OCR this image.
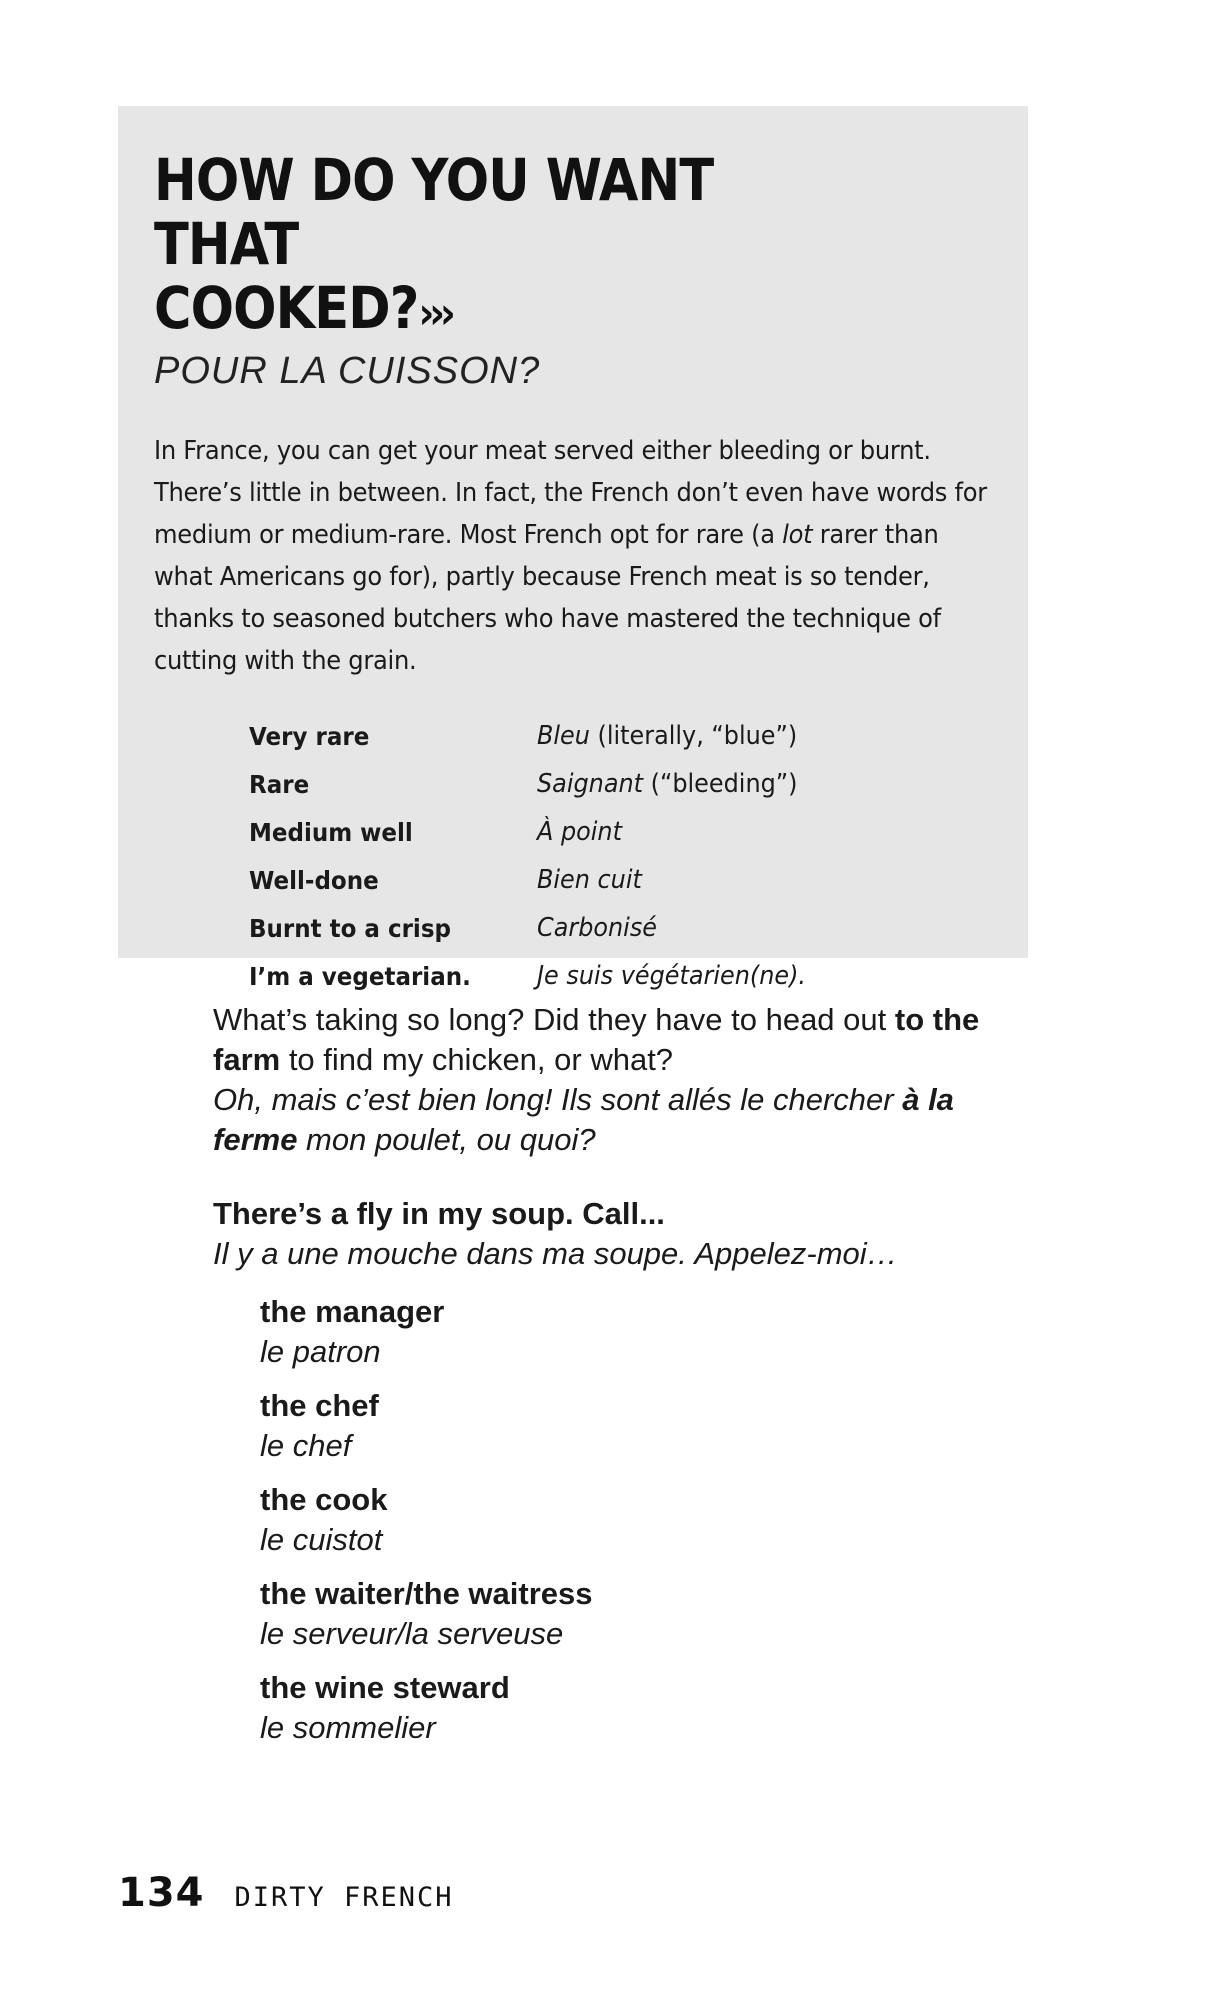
HOW DO YOU WANT THAT
COOKED?›››
POUR LA CUISSON?
In France, you can get your meat served either bleeding or burnt. There’s little in between. In fact, the French don’t even have words for medium or medium-rare. Most French opt for rare (a lot rarer than what Americans go for), partly because French meat is so tender, thanks to seasoned butchers who have mastered the technique of cutting with the grain.
Very rare	Bleu (literally, “blue”)
Rare	Saignant (“bleeding”)
Medium well	À point
Well-done	Bien cuit
Burnt to a crisp	Carbonisé
I’m a vegetarian.	Je suis végétarien(ne).
What’s taking so long? Did they have to head out to the farm to find my chicken, or what?
Oh, mais c’est bien long! Ils sont allés le chercher à la ferme mon poulet, ou quoi?
There’s a fly in my soup. Call...
Il y a une mouche dans ma soupe. Appelez-moi…
the manager
le patron
the chef
le chef
the cook
le cuistot
the waiter/the waitress
le serveur/la serveuse
the wine steward
le sommelier
134 DIRTY FRENCH
